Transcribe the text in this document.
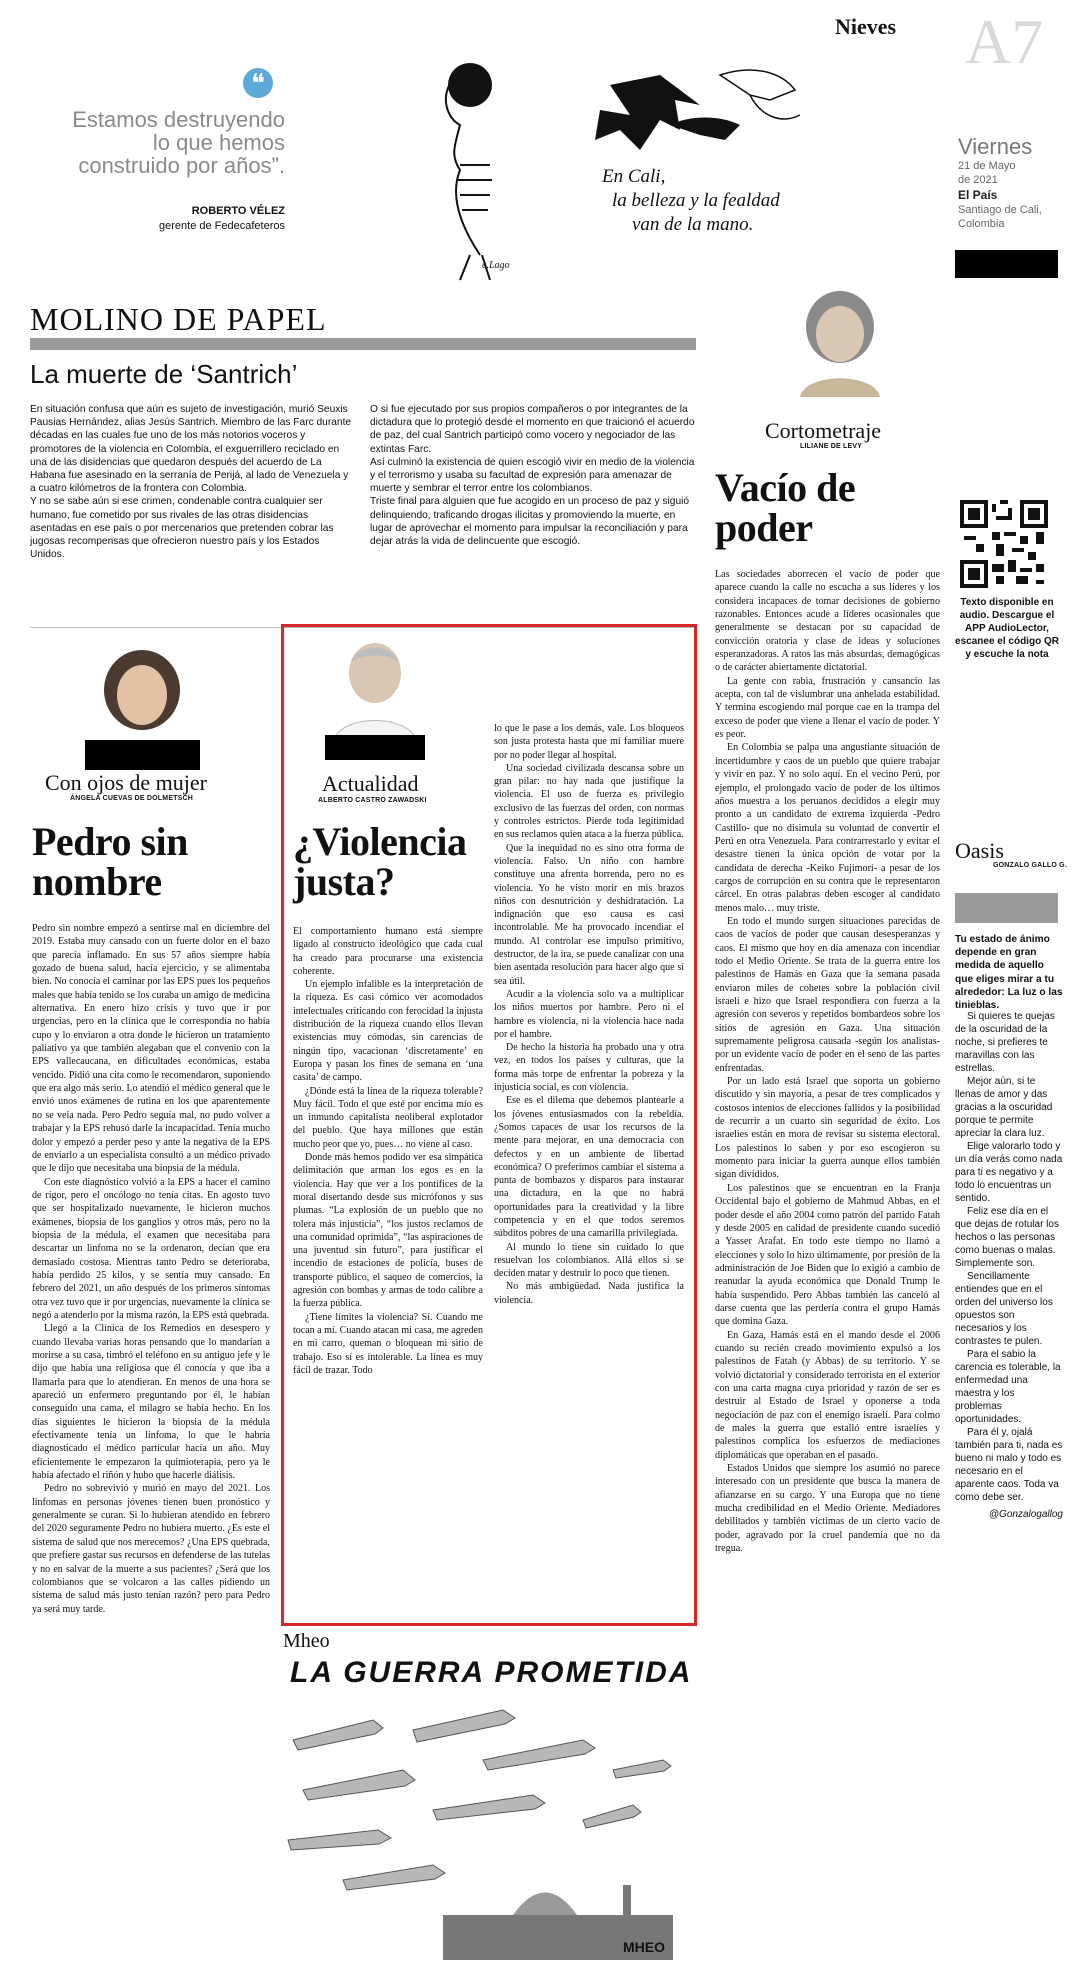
Nieves A7
Viernes
21 de Mayo
de 2021
El País
Santiago de Cali,
Colombia
❝
Estamos destruyendo
lo que hemos
construido por años”.
ROBERTO VÉLEZ
gerente de Fedecafeteros
En Cali,
la belleza y la fealdad
van de la mano.
e.Lago
MOLINO DE PAPEL
La muerte de ‘Santrich’
En situación confusa que aún es sujeto de investigación, murió Seuxis Pausias Hernández, alias Jesús Santrich. Miembro de las Farc durante décadas en las cuales fue uno de los más notorios voceros y promotores de la violencia en Colombia, el exguerrillero reciclado en una de las disidencias que quedaron después del acuerdo de La Habana fue asesinado en la serranía de Perijá, al lado de Venezuela y a cuatro kilómetros de la frontera con Colombia.
Y no se sabe aún si ese crimen, condenable contra cualquier ser humano, fue cometido por sus rivales de las otras disidencias asentadas en ese país o por mercenarios que pretenden cobrar las jugosas recompensas que ofrecieron nuestro país y los Estados Unidos.
O si fue ejecutado por sus propios compañeros o por integrantes de la dictadura que lo protegió desde el momento en que traicionó el acuerdo de paz, del cual Santrich participó como vocero y negociador de las extintas Farc.
Así culminó la existencia de quien escogió vivir en medio de la violencia y el terrorismo y usaba su facultad de expresión para amenazar de muerte y sembrar el terror entre los colombianos.
Triste final para alguien que fue acogido en un proceso de paz y siguió delinquiendo, traficando drogas ilícitas y promoviendo la muerte, en lugar de aprovechar el momento para impulsar la reconciliación y para dejar atrás la vida de delincuente que escogió.
Cortometraje
LILIANE DE LEVY
Vacío de
poder

Las sociedades aborrecen el vacío de poder que aparece cuando la calle no escucha a sus líderes y los considera incapaces de tomar decisiones de gobierno razonables. Entonces acude a líderes ocasionales que generalmente se destacan por su capacidad de convicción oratoria y clase de ideas y soluciones esperanzadoras. A ratos las más absurdas, demagógicas o de carácter abiertamente dictatorial.

La gente con rabia, frustración y cansancio las acepta, con tal de vislumbrar una anhelada estabilidad. Y termina escogiendo mal porque cae en la trampa del exceso de poder que viene a llenar el vacío de poder. Y es peor.

En Colombia se palpa una angustiante situación de incertidumbre y caos de un pueblo que quiere trabajar y vivir en paz. Y no solo aquí. En el vecino Perú, por ejemplo, el prolongado vacío de poder de los últimos años muestra a los peruanos decididos a elegir muy pronto a un candidato de extrema izquierda -Pedro Castillo- que no disimula su voluntad de convertir el Perú en otra Venezuela. Para contrarrestarlo y evitar el desastre tienen la única opción de votar por la candidata de derecha -Keiko Fujimori- a pesar de los cargos de corrupción en su contra que le representaron cárcel. En otras palabras deben escoger al candidato menos malo… muy triste.

En todo el mundo surgen situaciones parecidas de caos de vacíos de poder que causan desesperanzas y caos. El mismo que hoy en día amenaza con incendiar todo el Medio Oriente. Se trata de la guerra entre los palestinos de Hamás en Gaza que la semana pasada enviaron miles de cohetes sobre la población civil israelí e hizo que Israel respondiera con fuerza a la agresión con severos y repetidos bombardeos sobre los sitios de agresión en Gaza. Una situación supremamente peligrosa causada -según los analistas- por un evidente vacío de poder en el seno de las partes enfrentadas.

Por un lado está Israel que soporta un gobierno discutido y sin mayoría, a pesar de tres complicados y costosos intentos de elecciones fallidos y la posibilidad de recurrir a un cuarto sin seguridad de éxito. Los israelíes están en mora de revisar su sistema electoral. Los palestinos lo saben y por eso escogieron su momento para iniciar la guerra aunque ellos también sigan divididos.

Los palestinos que se encuentran en la Franja Occidental bajo el gobierno de Mahmud Abbas, en el poder desde el año 2004 como patrón del partido Fatah y desde 2005 en calidad de presidente cuando sucedió a Yasser Arafat. En todo este tiempo no llamó a elecciones y solo lo hizo últimamente, por presión de la administración de Joe Biden que lo exigió a cambio de reanudar la ayuda económica que Donald Trump le había suspendido. Pero Abbas también las canceló al darse cuenta que las perdería contra el grupo Hamás que domina Gaza.

En Gaza, Hamás está en el mando desde el 2006 cuando su recién creado movimiento expulsó a los palestinos de Fatah (y Abbas) de su territorio. Y se volvió dictatorial y considerado terrorista en el exterior con una carta magna cuya prioridad y razón de ser es destruir al Estado de Israel y oponerse a toda negociación de paz con el enemigo israelí. Para colmo de males la guerra que estalló entre israelíes y palestinos complica los esfuerzos de mediaciones diplomáticas que operaban en el pasado.

Estados Unidos que siempre los asumió no parece interesado con un presidente que busca la manera de afianzarse en su cargo. Y una Europa que no tiene mucha credibilidad en el Medio Oriente. Mediadores debilitados y también víctimas de un cierto vacío de poder, agravado por la cruel pandemia que no da tregua.

Texto disponible en audio. Descargue el APP AudioLector, escanee el código QR y escuche la nota
Con ojos de mujer
ÁNGELA CUEVAS DE DOLMETSCH
Pedro sin
nombre

Pedro sin nombre empezó a sentirse mal en diciembre del 2019. Estaba muy cansado con un fuerte dolor en el bazo que parecía inflamado. En sus 57 años siempre había gozado de buena salud, hacía ejercicio, y se alimentaba bien. No conocía el caminar por las EPS pues los pequeños males que había tenido se los curaba un amigo de medicina alternativa. En enero hizo crisis y tuvo que ir por urgencias, pero en la clínica que le correspondía no había cupo y lo enviaron a otra donde le hicieron un tratamiento paliativo ya que también alegaban que el convenio con la EPS vallecaucana, en dificultades económicas, estaba vencido. Pidió una cita como le recomendaron, suponiendo que era algo más serio. Lo atendió el médico general que le envió unos exámenes de rutina en los que aparentemente no se veía nada. Pero Pedro seguía mal, no pudo volver a trabajar y la EPS rehusó darle la incapacidad. Tenía mucho dolor y empezó a perder peso y ante la negativa de la EPS de enviarlo a un especialista consultó a un médico privado que le dijo que necesitaba una biopsia de la médula.

Con este diagnóstico volvió a la EPS a hacer el camino de rigor, pero el oncólogo no tenía citas. En agosto tuvo que ser hospitalizado nuevamente, le hicieron muchos exámenes, biopsia de los ganglios y otros más, pero no la biopsia de la médula, el examen que necesitaba para descartar un linfoma no se la ordenaron, decían que era demasiado costosa. Mientras tanto Pedro se deterioraba, había perdido 25 kilos, y se sentía muy cansado. En febrero del 2021, un año después de los primeros síntomas otra vez tuvo que ir por urgencias, nuevamente la clínica se negó a atenderlo por la misma razón, la EPS está quebrada.

Llegó a la Clínica de los Remedios en desespero y cuando llevaba varias horas pensando que lo mandarían a morirse a su casa, timbró el teléfono en su antiguo jefe y le dijo que había una religiosa que él conocía y que iba a llamarla para que lo atendieran. En menos de una hora se apareció un enfermero preguntando por él, le habían conseguido una cama, el milagro se había hecho. En los días siguientes le hicieron la biopsia de la médula efectivamente tenía un linfoma, lo que le habría diagnosticado el médico particular hacía un año. Muy eficientemente le empezaron la quimioterapia, pero ya le había afectado el riñón y hubo que hacerle diálisis.

Pedro no sobrevivió y murió en mayo del 2021. Los linfomas en personas jóvenes tienen buen pronóstico y generalmente se curan. Si lo hubieran atendido en febrero del 2020 seguramente Pedro no hubiera muerto. ¿Es este el sistema de salud que nos merecemos? ¿Una EPS quebrada, que prefiere gastar sus recursos en defenderse de las tutelas y no en salvar de la muerte a sus pacientes? ¿Será que los colombianos que se volcaron a las calles pidiendo un sistema de salud más justo tenían razón? pero para Pedro ya será muy tarde.

Actualidad
ALBERTO CASTRO ZAWADSKI
¿Violencia
justa?

El comportamiento humano está siempre ligado al constructo ideológico que cada cual ha creado para procurarse una existencia coherente.

Un ejemplo infalible es la interpretación de la riqueza. Es casi cómico ver acomodados intelectuales criticando con ferocidad la injusta distribución de la riqueza cuando ellos llevan existencias muy cómodas, sin carencias de ningún tipo, vacacionan ‘discretamente’ en Europa y pasan los fines de semana en ‘una casita’ de campo.

¿Dónde está la línea de la riqueza tolerable? Muy fácil. Todo el que esté por encima mío es un inmundo capitalista neoliberal explotador del pueblo. Que haya millones que están mucho peor que yo, pues… no viene al caso.

Donde más hemos podido ver esa simpática delimitación que arman los egos es en la violencia. Hay que ver a los pontífices de la moral disertando desde sus micrófonos y sus plumas. “La explosión de un pueblo que no tolera más injusticia”, “los justos reclamos de una comunidad oprimida”, “las aspiraciones de una juventud sin futuro”, para justificar el incendio de estaciones de policía, buses de transporte público, el saqueo de comercios, la agresión con bombas y armas de todo calibre a la fuerza pública.

¿Tiene límites la violencia? Sí. Cuando me tocan a mí. Cuando atacan mi casa, me agreden en mi carro, queman o bloquean mi sitio de trabajo. Eso sí es intolerable. La línea es muy fácil de trazar. Todo

lo que le pase a los demás, vale. Los bloqueos son justa protesta hasta que mi familiar muere por no poder llegar al hospital.

Una sociedad civilizada descansa sobre un gran pilar: no hay nada que justifique la violencia. El uso de fuerza es privilegio exclusivo de las fuerzas del orden, con normas y controles estrictos. Pierde toda legitimidad en sus reclamos quien ataca a la fuerza pública.

Que la inequidad no es sino otra forma de violencia. Falso. Un niño con hambre constituye una afrenta horrenda, pero no es violencia. Yo he visto morir en mis brazos niños con desnutrición y deshidratación. La indignación que eso causa es casi incontrolable. Me ha provocado incendiar el mundo. Al controlar ese impulso primitivo, destructor, de la ira, se puede canalizar con una bien asentada resolución para hacer algo que sí sea útil.

Acudir a la violencia solo va a multiplicar los niños muertos por hambre. Pero ni el hambre es violencia, ni la violencia hace nada por el hambre.

De hecho la historia ha probado una y otra vez, en todos los países y culturas, que la forma más torpe de enfrentar la pobreza y la injusticia social, es con violencia.

Ese es el dilema que debemos plantearle a los jóvenes entusiasmados con la rebeldía. ¿Somos capaces de usar los recursos de la mente para mejorar, en una democracia con defectos y en un ambiente de libertad económica? O preferimos cambiar el sistema a punta de bombazos y disparos para instaurar una dictadura, en la que no habrá oportunidades para la creatividad y la libre competencia y en el que todos seremos súbditos pobres de una camarilla privilegiada.

Al mundo lo tiene sin cuidado lo que resuelvan los colombianos. Allá ellos si se deciden matar y destruir lo poco que tienen.

No más ambigüedad. Nada justifica la violencia.

Mheo
LA GUERRA PROMETIDA
MHEO
Oasis
GONZALO GALLO G.
Tu estado de ánimo depende en gran medida de aquello que eliges mirar a tu alrededor: La luz o las tinieblas.

Si quieres te quejas de la oscuridad de la noche, si prefieres te maravillas con las estrellas.

Mejor aún, si te llenas de amor y das gracias a la oscuridad porque te permite apreciar la clara luz.

Elige valorarlo todo y un día verás como nada para ti es negativo y a todo lo encuentras un sentido.

Feliz ese día en el que dejas de rotular los hechos o las personas como buenas o malas. Simplemente son.

Sencillamente entiendes que en el orden del universo los opuestos son necesarios y los contrastes te pulen.

Para el sabio la carencia es tolerable, la enfermedad una maestra y los problemas oportunidades.

Para él y, ojalá también para ti, nada es bueno ni malo y todo es necesario en el aparente caos. Toda va como debe ser.

@Gonzalogallog
